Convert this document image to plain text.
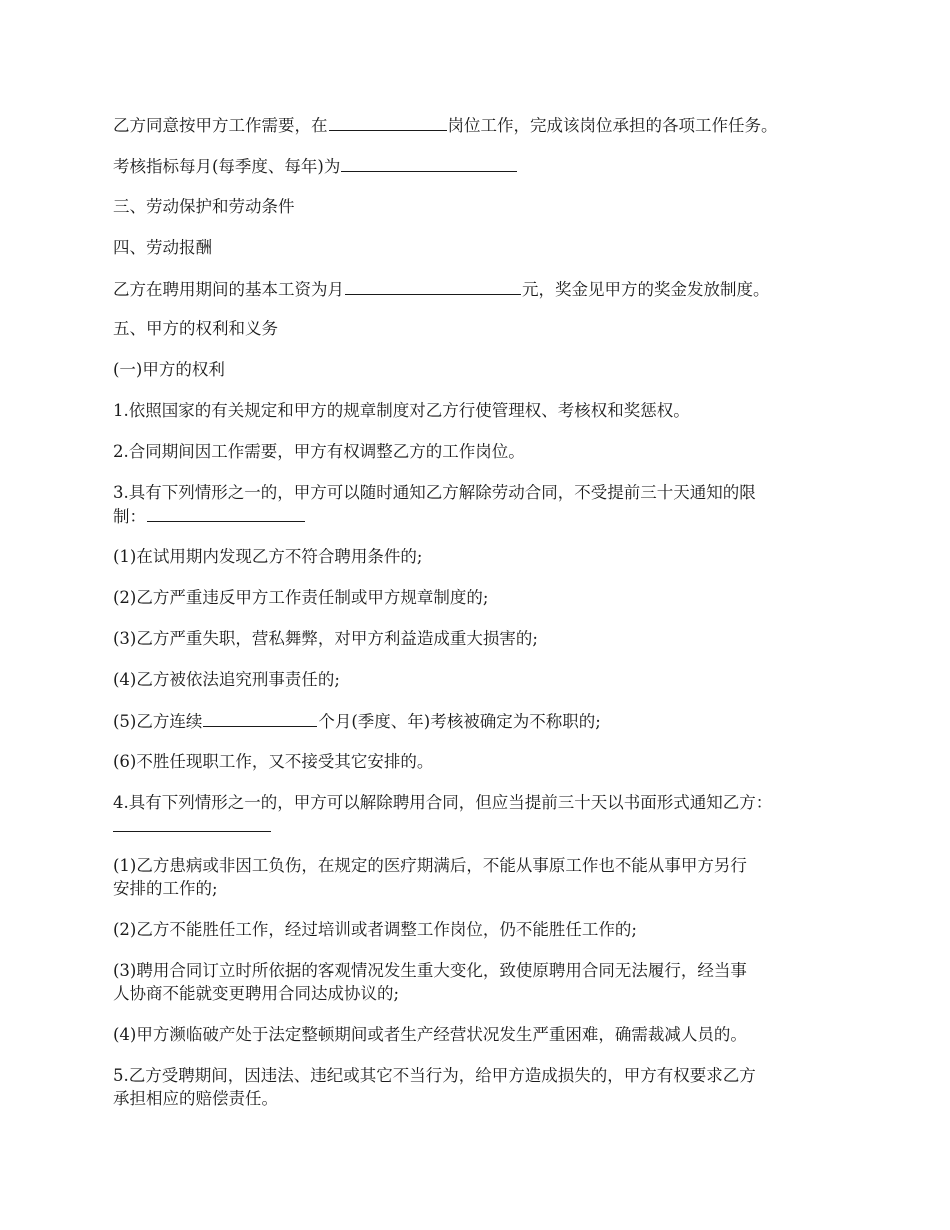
乙方同意按甲方工作需要，在	岗位工作，完成该岗位承担的各项工作任务。
考核指标每月(每季度、每年)为
三、劳动保护和劳动条件
四、劳动报酬
乙方在聘用期间的基本工资为月	元，奖金见甲方的奖金发放制度。
五、甲方的权利和义务
(一)甲方的权利
1.依照国家的有关规定和甲方的规章制度对乙方行使管理权、考核权和奖惩权。
2.合同期间因工作需要，甲方有权调整乙方的工作岗位。
3.具有下列情形之一的，甲方可以随时通知乙方解除劳动合同，不受提前三十天通知的限
制：
(1)在试用期内发现乙方不符合聘用条件的;
(2)乙方严重违反甲方工作责任制或甲方规章制度的;
(3)乙方严重失职，营私舞弊，对甲方利益造成重大损害的;
(4)乙方被依法追究刑事责任的;
(5)乙方连续	个月(季度、年)考核被确定为不称职的;
(6)不胜任现职工作，又不接受其它安排的。
4.具有下列情形之一的，甲方可以解除聘用合同，但应当提前三十天以书面形式通知乙方：
(1)乙方患病或非因工负伤，在规定的医疗期满后，不能从事原工作也不能从事甲方另行
安排的工作的;
(2)乙方不能胜任工作，经过培训或者调整工作岗位，仍不能胜任工作的;
(3)聘用合同订立时所依据的客观情况发生重大变化，致使原聘用合同无法履行，经当事
人协商不能就变更聘用合同达成协议的;
(4)甲方濒临破产处于法定整顿期间或者生产经营状况发生严重困难，确需裁减人员的。
5.乙方受聘期间，因违法、违纪或其它不当行为，给甲方造成损失的，甲方有权要求乙方
承担相应的赔偿责任。
